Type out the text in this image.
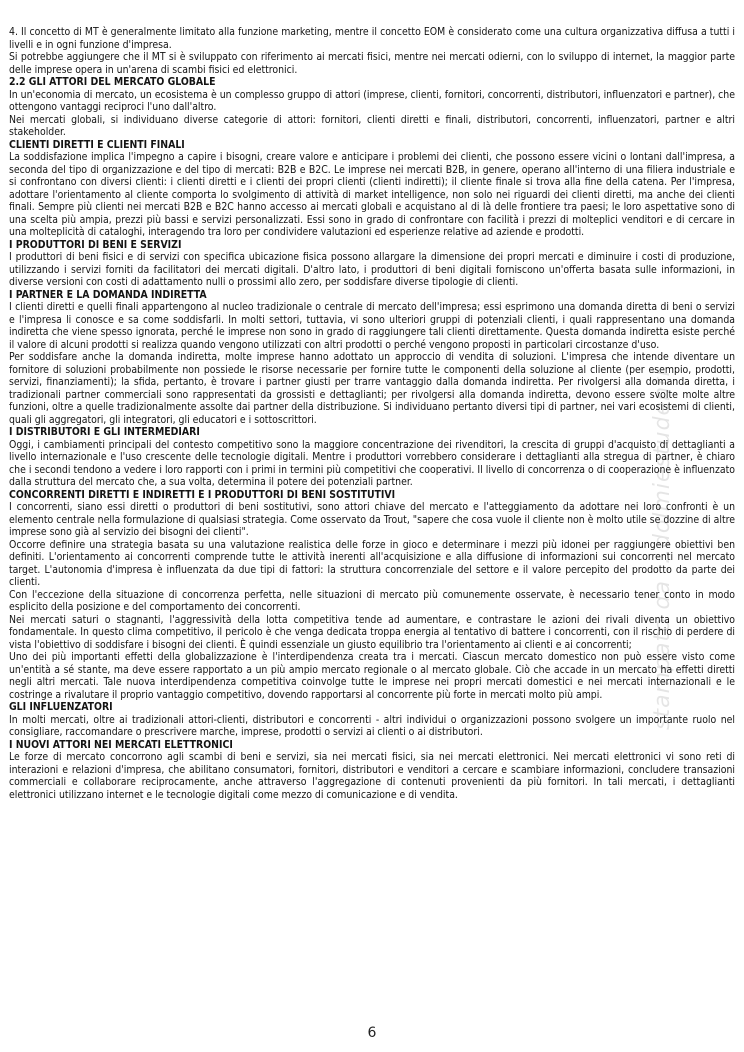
4. Il concetto di MT è generalmente limitato alla funzione marketing, mentre il concetto EOM è considerato come una cultura organizzativa diffusa a tutti i livelli e in ogni funzione d'impresa.

Si potrebbe aggiungere che il MT si è sviluppato con riferimento ai mercati fisici, mentre nei mercati odierni, con lo sviluppo di internet, la maggior parte delle imprese opera in un'arena di scambi fisici ed elettronici.

2.2 GLI ATTORI DEL MERCATO GLOBALE

In un'economia di mercato, un ecosistema è un complesso gruppo di attori (imprese, clienti, fornitori, concorrenti, distributori, influenzatori e partner), che ottengono vantaggi reciproci l'uno dall'altro.

Nei mercati globali, si individuano diverse categorie di attori: fornitori, clienti diretti e finali, distributori, concorrenti, influenzatori, partner e altri stakeholder.

CLIENTI DIRETTI E CLIENTI FINALI

La soddisfazione implica l'impegno a capire i bisogni, creare valore e anticipare i problemi dei clienti, che possono essere vicini o lontani dall'impresa, a seconda del tipo di organizzazione e del tipo di mercati: B2B e B2C. Le imprese nei mercati B2B, in genere, operano all'interno di una filiera industriale e si confrontano con diversi clienti: i clienti diretti e i clienti dei propri clienti (clienti indiretti); il cliente finale si trova alla fine della catena. Per l'impresa, adottare l'orientamento al cliente comporta lo svolgimento di attività di market intelligence, non solo nei riguardi dei clienti diretti, ma anche dei clienti finali. Sempre più clienti nei mercati B2B e B2C hanno accesso ai mercati globali e acquistano al di là delle frontiere tra paesi; le loro aspettative sono di una scelta più ampia, prezzi più bassi e servizi personalizzati. Essi sono in grado di confrontare con facilità i prezzi di molteplici venditori e di cercare in una molteplicità di cataloghi, interagendo tra loro per condividere valutazioni ed esperienze relative ad aziende e prodotti.

I PRODUTTORI DI BENI E SERVIZI

I produttori di beni fisici e di servizi con specifica ubicazione fisica possono allargare la dimensione dei propri mercati e diminuire i costi di produzione, utilizzando i servizi forniti da facilitatori dei mercati digitali. D'altro lato, i produttori di beni digitali forniscono un'offerta basata sulle informazioni, in diverse versioni con costi di adattamento nulli o prossimi allo zero, per soddisfare diverse tipologie di clienti.

I PARTNER E LA DOMANDA INDIRETTA

I clienti diretti e quelli finali appartengono al nucleo tradizionale o centrale di mercato dell'impresa; essi esprimono una domanda diretta di beni o servizi e l'impresa li conosce e sa come soddisfarli. In molti settori, tuttavia, vi sono ulteriori gruppi di potenziali clienti, i quali rappresentano una domanda indiretta che viene spesso ignorata, perché le imprese non sono in grado di raggiungere tali clienti direttamente. Questa domanda indiretta esiste perché il valore di alcuni prodotti si realizza quando vengono utilizzati con altri prodotti o perché vengono proposti in particolari circostanze d'uso.

Per soddisfare anche la domanda indiretta, molte imprese hanno adottato un approccio di vendita di soluzioni. L'impresa che intende diventare un fornitore di soluzioni probabilmente non possiede le risorse necessarie per fornire tutte le componenti della soluzione al cliente (per esempio, prodotti, servizi, finanziamenti); la sfida, pertanto, è trovare i partner giusti per trarre vantaggio dalla domanda indiretta. Per rivolgersi alla domanda diretta, i tradizionali partner commerciali sono rappresentati da grossisti e dettaglianti; per rivolgersi alla domanda indiretta, devono essere svolte molte altre funzioni, oltre a quelle tradizionalmente assolte dai partner della distribuzione. Si individuano pertanto diversi tipi di partner, nei vari ecosistemi di clienti, quali gli aggregatori, gli integratori, gli educatori e i sottoscrittori.

I DISTRIBUTORI E GLI INTERMEDIARI

Oggi, i cambiamenti principali del contesto competitivo sono la maggiore concentrazione dei rivenditori, la crescita di gruppi d'acquisto di dettaglianti a livello internazionale e l'uso crescente delle tecnologie digitali. Mentre i produttori vorrebbero considerare i dettaglianti alla stregua di partner, è chiaro che i secondi tendono a vedere i loro rapporti con i primi in termini più competitivi che cooperativi. Il livello di concorrenza o di cooperazione è influenzato dalla struttura del mercato che, a sua volta, determina il potere dei potenziali partner.

CONCORRENTI DIRETTI E INDIRETTI E I PRODUTTORI DI BENI SOSTITUTIVI

I concorrenti, siano essi diretti o produttori di beni sostitutivi, sono attori chiave del mercato e l'atteggiamento da adottare nei loro confronti è un elemento centrale nella formulazione di qualsiasi strategia. Come osservato da Trout, "sapere che cosa vuole il cliente non è molto utile se dozzine di altre imprese sono già al servizio dei bisogni dei clienti".

Occorre definire una strategia basata su una valutazione realistica delle forze in gioco e determinare i mezzi più idonei per raggiungere obiettivi ben definiti. L'orientamento ai concorrenti comprende tutte le attività inerenti all'acquisizione e alla diffusione di informazioni sui concorrenti nel mercato target. L'autonomia d'impresa è influenzata da due tipi di fattori: la struttura concorrenziale del settore e il valore percepito del prodotto da parte dei clienti.

Con l'eccezione della situazione di concorrenza perfetta, nelle situazioni di mercato più comunemente osservate, è necessario tener conto in modo esplicito della posizione e del comportamento dei concorrenti.

Nei mercati saturi o stagnanti, l'aggressività della lotta competitiva tende ad aumentare, e contrastare le azioni dei rivali diventa un obiettivo fondamentale. In questo clima competitivo, il pericolo è che venga dedicata troppa energia al tentativo di battere i concorrenti, con il rischio di perdere di vista l'obiettivo di soddisfare i bisogni dei clienti. È quindi essenziale un giusto equilibrio tra l'orientamento ai clienti e ai concorrenti;

Uno dei più importanti effetti della globalizzazione è l'interdipendenza creata tra i mercati. Ciascun mercato domestico non può essere visto come un'entità a sé stante, ma deve essere rapportato a un più ampio mercato regionale o al mercato globale. Ciò che accade in un mercato ha effetti diretti negli altri mercati. Tale nuova interdipendenza competitiva coinvolge tutte le imprese nei propri mercati domestici e nei mercati internazionali e le costringe a rivalutare il proprio vantaggio competitivo, dovendo rapportarsi al concorrente più forte in mercati molto più ampi.

GLI INFLUENZATORI

In molti mercati, oltre ai tradizionali attori-clienti, distributori e concorrenti - altri individui o organizzazioni possono svolgere un importante ruolo nel consigliare, raccomandare o prescrivere marche, imprese, prodotti o servizi ai clienti o ai distributori.

I NUOVI ATTORI NEI MERCATI ELETTRONICI

Le forze di mercato concorrono agli scambi di beni e servizi, sia nei mercati fisici, sia nei mercati elettronici. Nei mercati elettronici vi sono reti di interazioni e relazioni d'impresa, che abilitano consumatori, fornitori, distributori e venditori a cercare e scambiare informazioni, concludere transazioni commerciali e collaborare reciprocamente, anche attraverso l'aggregazione di contenuti provenienti da più fornitori. In tali mercati, i dettaglianti elettronici utilizzano internet e le tecnologie digitali come mezzo di comunicazione e di vendita.

stampato da ...dolmiestudenti
6
